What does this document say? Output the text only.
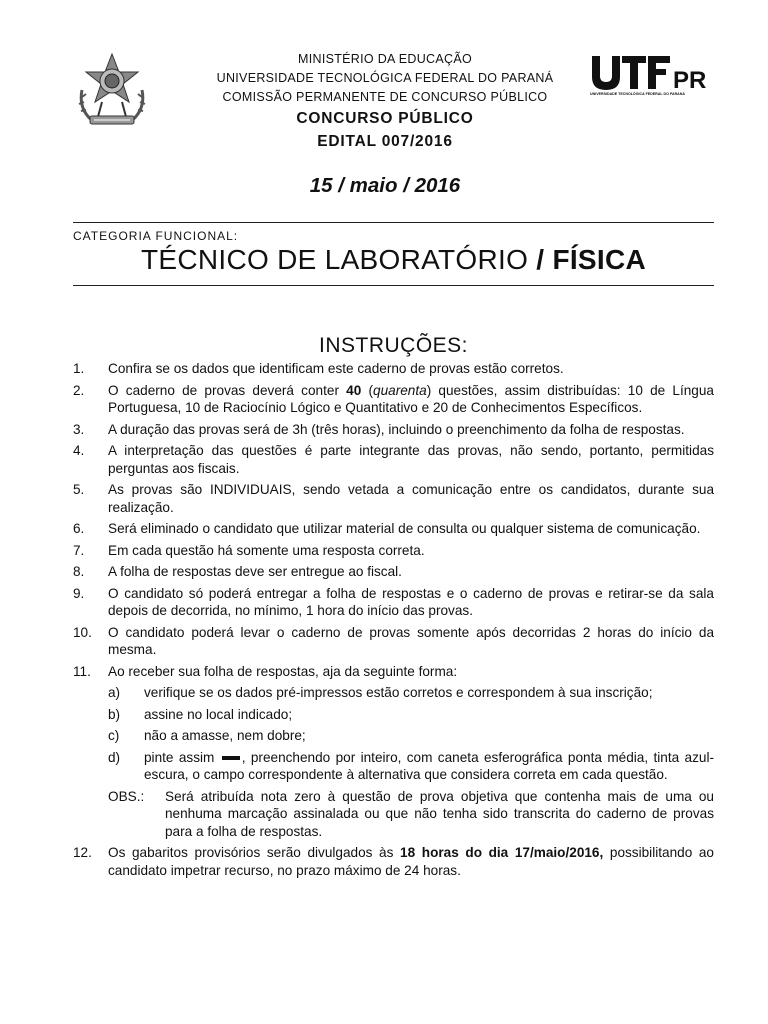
MINISTÉRIO DA EDUCAÇÃO
UNIVERSIDADE TECNOLÓGICA FEDERAL DO PARANÁ
COMISSÃO PERMANENTE DE CONCURSO PÚBLICO
CONCURSO PÚBLICO
EDITAL 007/2016
PR
UNIVERSIDADE TECNOLÓGICA FEDERAL DO PARANÁ
15 / maio / 2016
CATEGORIA FUNCIONAL:
TÉCNICO DE LABORATÓRIO / FÍSICA
INSTRUÇÕES:
1.	Confira se os dados que identificam este caderno de provas estão corretos.
2.	O caderno de provas deverá conter 40 (quarenta) questões, assim distribuídas: 10 de Língua Portuguesa, 10 de Raciocínio Lógico e Quantitativo e 20 de Conhecimentos Específicos.
3.	A duração das provas será de 3h (três horas), incluindo o preenchimento da folha de respostas.
4.	A interpretação das questões é parte integrante das provas, não sendo, portanto, permitidas perguntas aos fiscais.
5.	As provas são INDIVIDUAIS, sendo vetada a comunicação entre os candidatos, durante sua realização.
6.	Será eliminado o candidato que utilizar material de consulta ou qualquer sistema de comunicação.
7.	Em cada questão há somente uma resposta correta.
8.	A folha de respostas deve ser entregue ao fiscal.
9.	O candidato só poderá entregar a folha de respostas e o caderno de provas e retirar-se da sala depois de decorrida, no mínimo, 1 hora do início das provas.
10.	O candidato poderá levar o caderno de provas somente após decorridas 2 horas do início da mesma.
11.	Ao receber sua folha de respostas, aja da seguinte forma:
a)	verifique se os dados pré-impressos estão corretos e correspondem à sua inscrição;
b)	assine no local indicado;
c)	não a amasse, nem dobre;
d)	pinte assim , preenchendo por inteiro, com caneta esferográfica ponta média, tinta azul-escura, o campo correspondente à alternativa que considera correta em cada questão.
OBS.:	Será atribuída nota zero à questão de prova objetiva que contenha mais de uma ou nenhuma marcação assinalada ou que não tenha sido transcrita do caderno de provas para a folha de respostas.
12.	Os gabaritos provisórios serão divulgados às 18 horas do dia 17/maio/2016, possibilitando ao candidato impetrar recurso, no prazo máximo de 24 horas.
